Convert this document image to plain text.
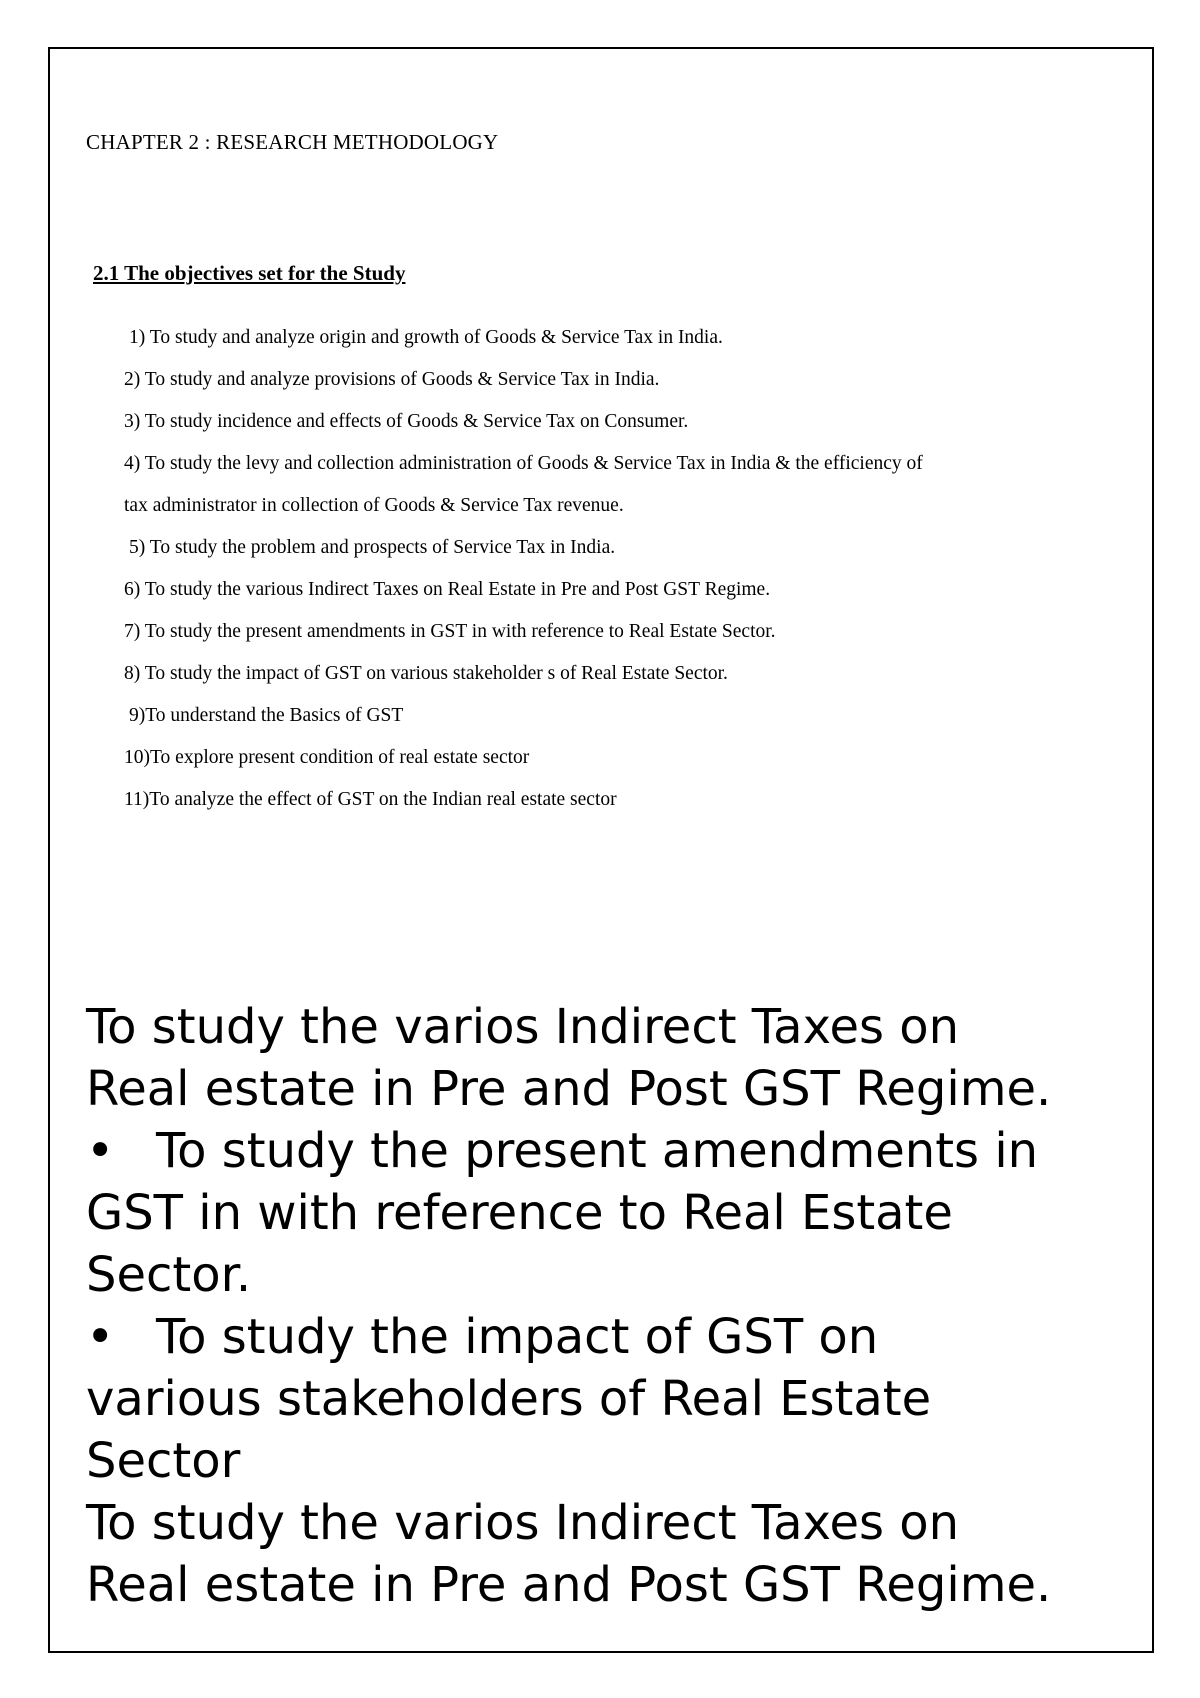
CHAPTER 2 : RESEARCH METHODOLOGY
2.1 The objectives set for the Study
1) To study and analyze origin and growth of Goods & Service Tax in India.
2) To study and analyze provisions of Goods & Service Tax in India.
3) To study incidence and effects of Goods & Service Tax on Consumer.
4) To study the levy and collection administration of Goods & Service Tax in India & the efficiency of
tax administrator in collection of Goods & Service Tax revenue.
5) To study the problem and prospects of Service Tax in India.
6) To study the various Indirect Taxes on Real Estate in Pre and Post GST Regime.
7) To study the present amendments in GST in with reference to Real Estate Sector.
8) To study the impact of GST on various stakeholder s of Real Estate Sector.
9)To understand the Basics of GST
10)To explore present condition of real estate sector
11)To analyze the effect of GST on the Indian real estate sector
To study the varios Indirect Taxes on
Real estate in Pre and Post GST Regime.
• To study the present amendments in
GST in with reference to Real Estate
Sector.
• To study the impact of GST on
various stakeholders of Real Estate
Sector
To study the varios Indirect Taxes on
Real estate in Pre and Post GST Regime.
